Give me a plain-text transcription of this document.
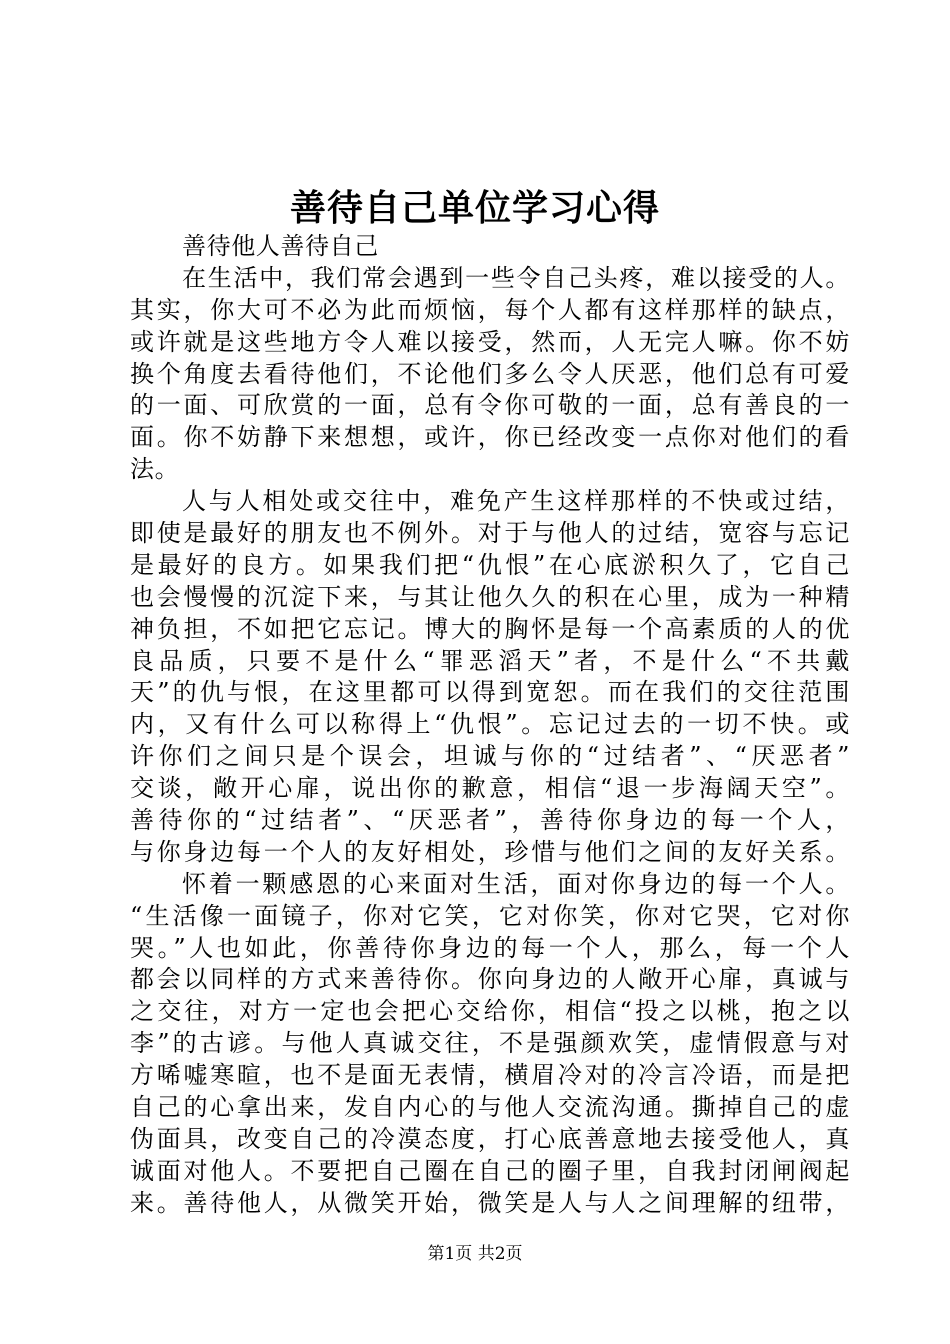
善待自己单位学习心得
善待他人善待自己
在生活中，我们常会遇到一些令自己头疼，难以接受的人。
其实，你大可不必为此而烦恼，每个人都有这样那样的缺点，
或许就是这些地方令人难以接受，然而，人无完人嘛。你不妨
换个角度去看待他们，不论他们多么令人厌恶，他们总有可爱
的一面、可欣赏的一面，总有令你可敬的一面，总有善良的一
面。你不妨静下来想想，或许，你已经改变一点你对他们的看
法。
人与人相处或交往中，难免产生这样那样的不快或过结，
即使是最好的朋友也不例外。对于与他人的过结，宽容与忘记
是最好的良方。如果我们把“仇恨”在心底淤积久了，它自己
也会慢慢的沉淀下来，与其让他久久的积在心里，成为一种精
神负担，不如把它忘记。博大的胸怀是每一个高素质的人的优
良品质，只要不是什么“罪恶滔天”者，不是什么“不共戴
天”的仇与恨，在这里都可以得到宽恕。而在我们的交往范围
内，又有什么可以称得上“仇恨”。忘记过去的一切不快。或
许你们之间只是个误会，坦诚与你的“过结者”、“厌恶者”
交谈，敞开心扉，说出你的歉意，相信“退一步海阔天空”。
善待你的“过结者”、“厌恶者”，善待你身边的每一个人，
与你身边每一个人的友好相处，珍惜与他们之间的友好关系。
怀着一颗感恩的心来面对生活，面对你身边的每一个人。
“生活像一面镜子，你对它笑，它对你笑，你对它哭，它对你
哭。”人也如此，你善待你身边的每一个人，那么，每一个人
都会以同样的方式来善待你。你向身边的人敞开心扉，真诚与
之交往，对方一定也会把心交给你，相信“投之以桃，抱之以
李”的古谚。与他人真诚交往，不是强颜欢笑，虚情假意与对
方唏嘘寒暄，也不是面无表情，横眉冷对的冷言冷语，而是把
自己的心拿出来，发自内心的与他人交流沟通。撕掉自己的虚
伪面具，改变自己的冷漠态度，打心底善意地去接受他人，真
诚面对他人。不要把自己圈在自己的圈子里，自我封闭闸阀起
来。善待他人，从微笑开始，微笑是人与人之间理解的纽带，
第1页 共2页
